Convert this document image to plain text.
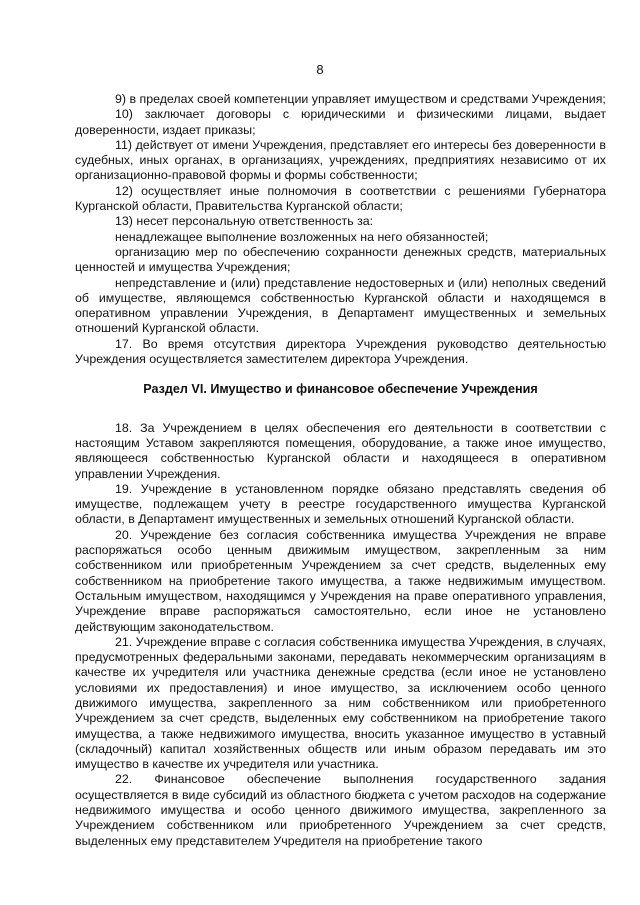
8

9) в пределах своей компетенции управляет имуществом и средствами Учреждения;

10) заключает договоры с юридическими и физическими лицами, выдает доверенности, издает приказы;

11) действует от имени Учреждения, представляет его интересы без доверенности в судебных, иных органах, в организациях, учреждениях, предприятиях независимо от их организационно-правовой формы и формы собственности;

12) осуществляет иные полномочия в соответствии с решениями Губернатора Курганской области, Правительства Курганской области;

13) несет персональную ответственность за:

ненадлежащее выполнение возложенных на него обязанностей;

организацию мер по обеспечению сохранности денежных средств, материальных ценностей и имущества Учреждения;

непредставление и (или) представление недостоверных и (или) неполных сведений об имуществе, являющемся собственностью Курганской области и находящемся в оперативном управлении Учреждения, в Департамент имущественных и земельных отношений Курганской области.

17. Во время отсутствия директора Учреждения руководство деятельностью Учреждения осуществляется заместителем директора Учреждения.

Раздел VI. Имущество и финансовое обеспечение Учреждения

18. За Учреждением в целях обеспечения его деятельности в соответствии с настоящим Уставом закрепляются помещения, оборудование, а также иное имущество, являющееся собственностью Курганской области и находящееся в оперативном управлении Учреждения.

19. Учреждение в установленном порядке обязано представлять сведения об имуществе, подлежащем учету в реестре государственного имущества Курганской области, в Департамент имущественных и земельных отношений Курганской области.

20. Учреждение без согласия собственника имущества Учреждения не вправе распоряжаться особо ценным движимым имуществом, закрепленным за ним собственником или приобретенным Учреждением за счет средств, выделенных ему собственником на приобретение такого имущества, а также недвижимым имуществом. Остальным имуществом, находящимся у Учреждения на праве оперативного управления, Учреждение вправе распоряжаться самостоятельно, если иное не установлено действующим законодательством.

21. Учреждение вправе с согласия собственника имущества Учреждения, в случаях, предусмотренных федеральными законами, передавать некоммерческим организациям в качестве их учредителя или участника денежные средства (если иное не установлено условиями их предоставления) и иное имущество, за исключением особо ценного движимого имущества, закрепленного за ним собственником или приобретенного Учреждением за счет средств, выделенных ему собственником на приобретение такого имущества, а также недвижимого имущества, вносить указанное имущество в уставный (складочный) капитал хозяйственных обществ или иным образом передавать им это имущество в качестве их учредителя или участника.

22. Финансовое обеспечение выполнения государственного задания осуществляется в виде субсидий из областного бюджета с учетом расходов на содержание недвижимого имущества и особо ценного движимого имущества, закрепленного за Учреждением собственником или приобретенного Учреждением за счет средств, выделенных ему представителем Учредителя на приобретение такого
